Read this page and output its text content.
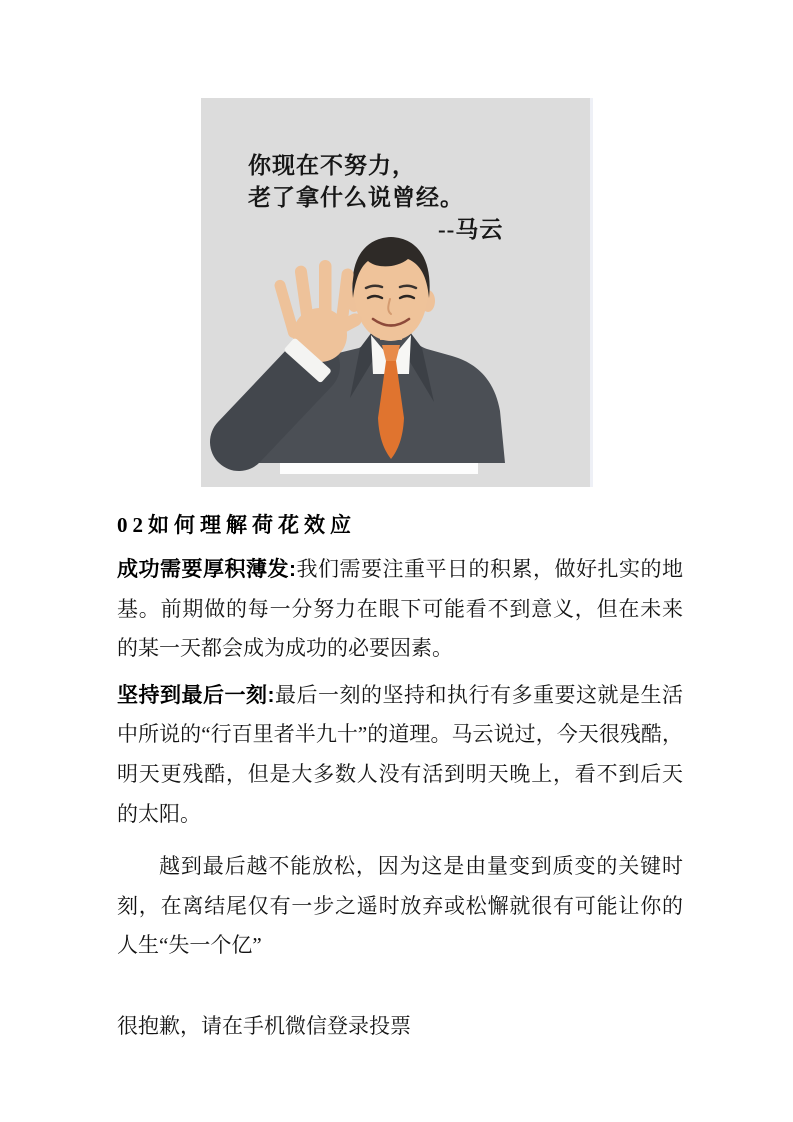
你现在不努力，
老了拿什么说曾经。
--马云
02如何理解荷花效应

成功需要厚积薄发:我们需要注重平日的积累，做好扎实的地基。前期做的每一分努力在眼下可能看不到意义，但在未来的某一天都会成为成功的必要因素。

坚持到最后一刻:最后一刻的坚持和执行有多重要这就是生活中所说的“行百里者半九十”的道理。马云说过，今天很残酷，明天更残酷，但是大多数人没有活到明天晚上，看不到后天的太阳。

越到最后越不能放松，因为这是由量变到质变的关键时刻，在离结尾仅有一步之遥时放弃或松懈就很有可能让你的人生“失一个亿”

很抱歉，请在手机微信登录投票
